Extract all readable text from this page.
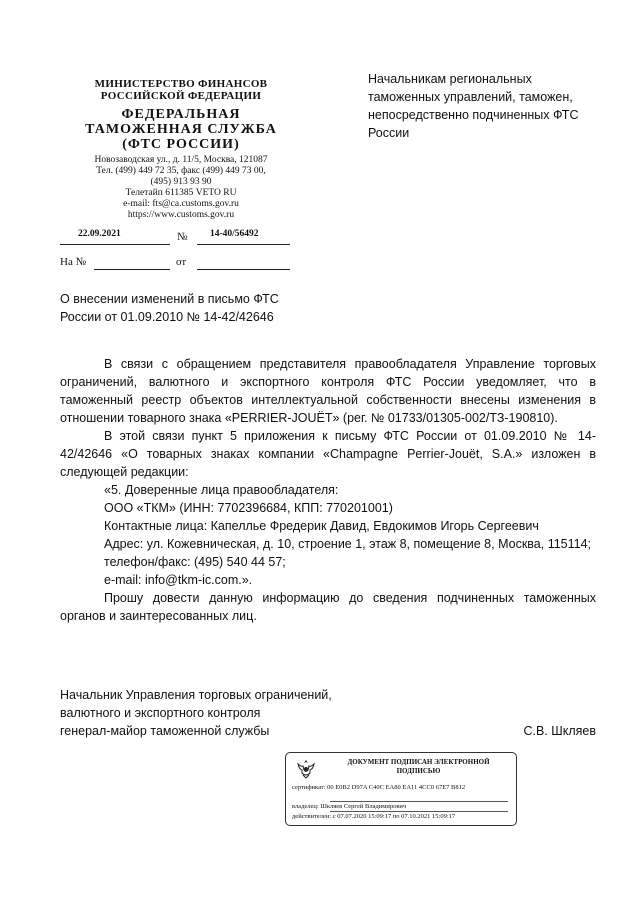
МИНИСТЕРСТВО ФИНАНСОВ
РОССИЙСКОЙ ФЕДЕРАЦИИ
ФЕДЕРАЛЬНАЯ
ТАМОЖЕННАЯ СЛУЖБА
(ФТС РОССИИ)
Новозаводская ул., д. 11/5, Москва, 121087
Тел. (499) 449 72 35, факс (499) 449 73 00,
(495) 913 93 90
Телетайп 611385 VETO RU
e-mail: fts@ca.customs.gov.ru
https://www.customs.gov.ru
22.09.2021	№ 14-40/56492
На №	от
Начальникам региональных таможенных управлений, таможен, непосредственно подчиненных ФТС России
О внесении изменений в письмо ФТС России от 01.09.2010 № 14-42/42646

В связи с обращением представителя правообладателя Управление торговых ограничений, валютного и экспортного контроля ФТС России уведомляет, что в таможенный реестр объектов интеллектуальной собственности внесены изменения в отношении товарного знака «PERRIER-JOUËT» (рег. № 01733/01305-002/ТЗ-190810).

В этой связи пункт 5 приложения к письму ФТС России от 01.09.2010 № 14-42/42646 «О товарных знаках компании «Champagne Perrier-Jouët, S.A.» изложен в следующей редакции:

«5. Доверенные лица правообладателя:

ООО «ТКМ» (ИНН: 7702396684, КПП: 770201001)

Контактные лица: Капеллье Фредерик Давид, Евдокимов Игорь Сергеевич

Адрес: ул. Кожевническая, д. 10, строение 1, этаж 8, помещение 8, Москва, 115114;

телефон/факс: (495) 540 44 57;

e-mail: info@tkm-ic.com.».

Прошу довести данную информацию до сведения подчиненных таможенных органов и заинтересованных лиц.

Начальник Управления торговых ограничений,
валютного и экспортного контроля
генерал-майор таможенной службы	С.В. Шкляев
ДОКУМЕНТ ПОДПИСАН ЭЛЕКТРОННОЙ ПОДПИСЬЮ
сертификат: 00 E0B2 D97A C40C EA80 EA11 4CC0 67E7 B812
владелец: Шкляев Сергей Владимирович
действителен: с 07.07.2020 15:09:17 по 07.10.2021 15:09:17
